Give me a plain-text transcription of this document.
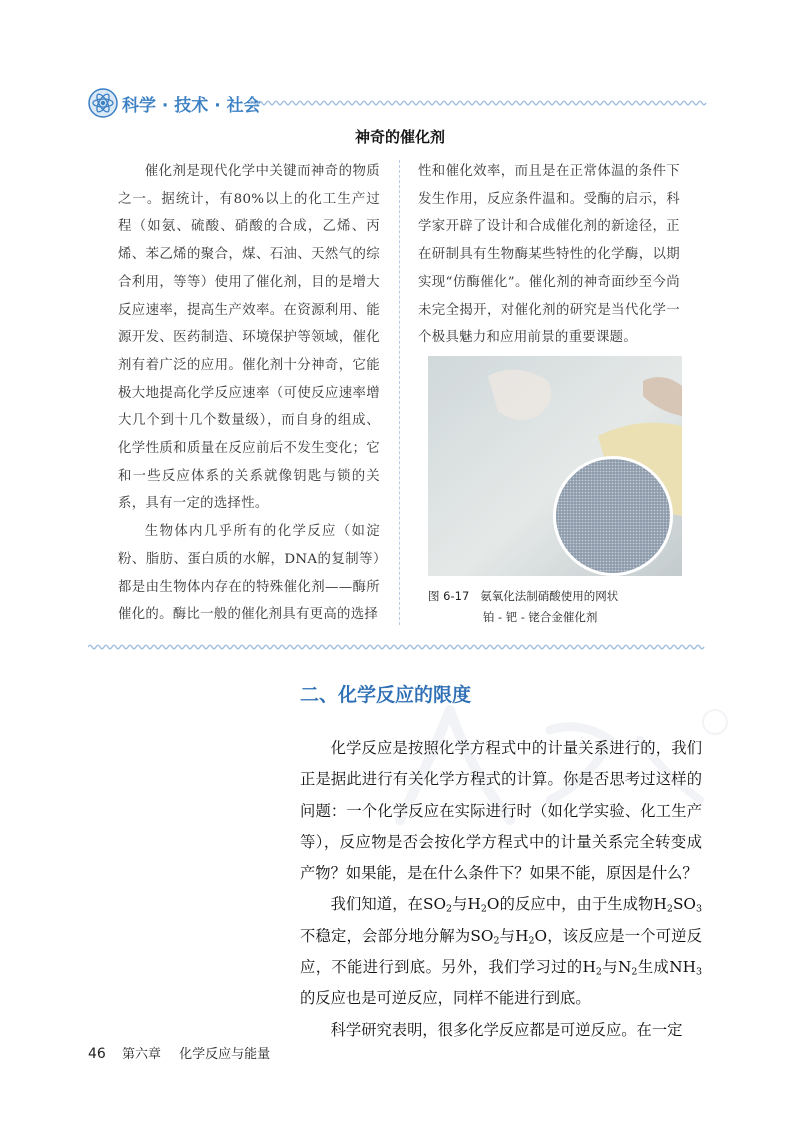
科学 · 技术 · 社会
神奇的催化剂

催化剂是现代化学中关键而神奇的物质之一。据统计，有80%以上的化工生产过程（如氨、硫酸、硝酸的合成，乙烯、丙烯、苯乙烯的聚合，煤、石油、天然气的综合利用，等等）使用了催化剂，目的是增大反应速率，提高生产效率。在资源利用、能源开发、医药制造、环境保护等领域，催化剂有着广泛的应用。催化剂十分神奇，它能极大地提高化学反应速率（可使反应速率增大几个到十几个数量级），而自身的组成、化学性质和质量在反应前后不发生变化；它和一些反应体系的关系就像钥匙与锁的关系，具有一定的选择性。

生物体内几乎所有的化学反应（如淀粉、脂肪、蛋白质的水解，DNA的复制等）都是由生物体内存在的特殊催化剂——酶所催化的。酶比一般的催化剂具有更高的选择

性和催化效率，而且是在正常体温的条件下发生作用，反应条件温和。受酶的启示，科学家开辟了设计和合成催化剂的新途径，正在研制具有生物酶某些特性的化学酶，以期实现“仿酶催化”。催化剂的神奇面纱至今尚未完全揭开，对催化剂的研究是当代化学一个极具魅力和应用前景的重要课题。

图 6-17 氨氧化法制硝酸使用的网状
铂 - 钯 - 铑合金催化剂
二、化学反应的限度

化学反应是按照化学方程式中的计量关系进行的，我们正是据此进行有关化学方程式的计算。你是否思考过这样的问题：一个化学反应在实际进行时（如化学实验、化工生产等），反应物是否会按化学方程式中的计量关系完全转变成产物？如果能，是在什么条件下？如果不能，原因是什么？

我们知道，在$SO_2$与$H_2O$的反应中，由于生成物$H_2SO_3$不稳定，会部分地分解为$SO_2$与$H_2O$，该反应是一个可逆反应，不能进行到底。另外，我们学习过的$H_2$与$N_2$生成$NH_3$的反应也是可逆反应，同样不能进行到底。

科学研究表明，很多化学反应都是可逆反应。在一定

46 第六章 化学反应与能量
